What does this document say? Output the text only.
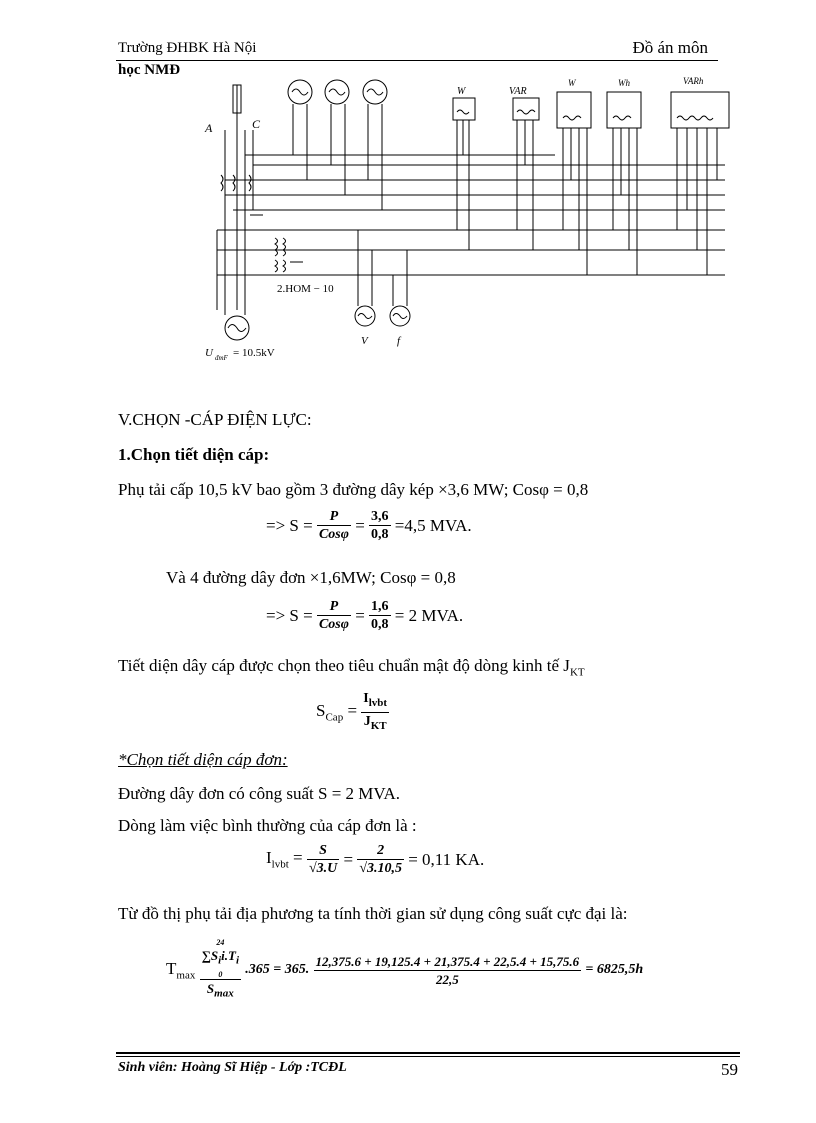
Trường ĐHBK Hà Nội	Đồ án môn
học NMĐ
A	C
W	VAR
W	Wh	VARh
2.HOM − 10
V	f
U đmF = 10.5kV
V.CHỌN -CÁP ĐIỆN LỰC:
1.Chọn tiết diện cáp:
Phụ tải cấp 10,5 kV bao gồm 3 đường dây kép ×3,6 MW; Cosφ = 0,8
=> $S = \frac{P}{\text{Cosφ}} = \frac{3,6}{0,8} =4,5$ MVA.
Và 4 đường dây đơn ×1,6MW; Cosφ = 0,8
=> $S = \frac{P}{\text{Cosφ}} = \frac{1,6}{0,8} = 2$ MVA.
Tiết diện dây cáp được chọn theo tiêu chuẩn mật độ dòng kinh tế $J_{KT}$
$S_{Cap} = \frac{I_{lvbt}}{J_{KT}}$
*Chọn tiết diện cáp đơn:
Đường dây đơn có công suất S = 2 MVA.
Dòng làm việc bình thường của cáp đơn là :
$I_{lvbt} = \frac{S}{√3.U} = \frac{2}{√3.10,5} = 0,11$ KA.
Từ đồ thị phụ tải địa phương ta tính thời gian sử dụng công suất cực đại là:
$T_{max}$ 24
$\sum S_ii.T_i$
0
$S_{max}$ .365 = 365. $\frac{12,375.6 + 19,125.4 + 21,375.4 + 22,5.4 + 15,75.6}{22,5} = 6825,5h$
Sinh viên: Hoàng Sĩ Hiệp - Lớp :TCĐL	59
